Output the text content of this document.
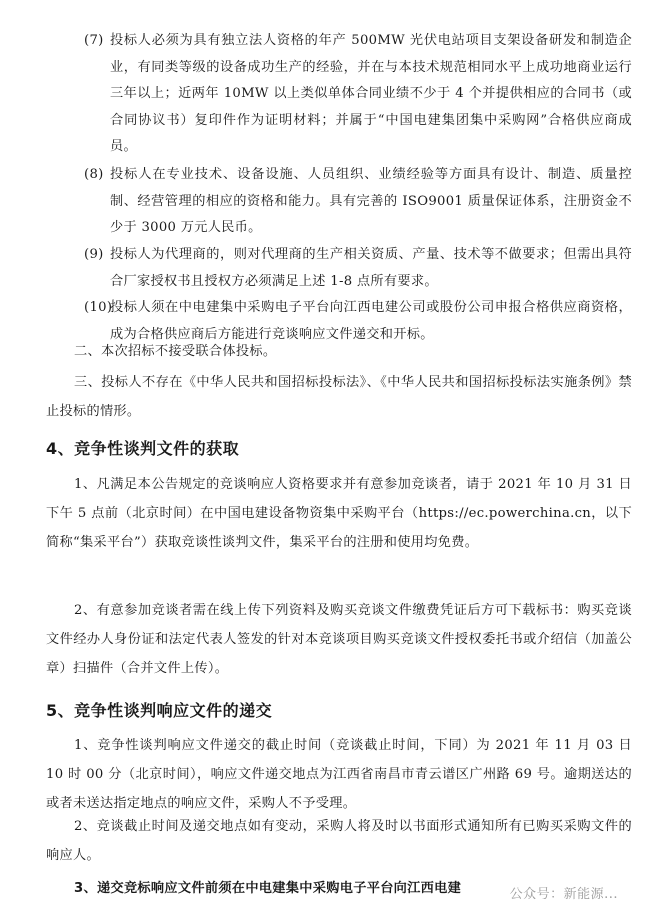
(7) 投标人必须为具有独立法人资格的年产 500MW 光伏电站项目支架设备研发和制造企业，有同类等级的设备成功生产的经验，并在与本技术规范相同水平上成功地商业运行三年以上；近两年 10MW 以上类似单体合同业绩不少于 4 个并提供相应的合同书（或合同协议书）复印件作为证明材料；并属于“中国电建集团集中采购网”合格供应商成员。
(8) 投标人在专业技术、设备设施、人员组织、业绩经验等方面具有设计、制造、质量控制、经营管理的相应的资格和能力。具有完善的 ISO9001 质量保证体系，注册资金不少于 3000 万元人民币。
(9) 投标人为代理商的，则对代理商的生产相关资质、产量、技术等不做要求；但需出具符合厂家授权书且授权方必须满足上述 1-8 点所有要求。
(10)
投标人须在中电建集中采购电子平台向江西电建公司或股份公司申报合格供应商资格，成为合格供应商后方能进行竞谈响应文件递交和开标。
二、本次招标不接受联合体投标。
三、投标人不存在《中华人民共和国招标投标法》、《中华人民共和国招标投标法实施条例》禁止投标的情形。
4、竞争性谈判文件的获取
1、凡满足本公告规定的竞谈响应人资格要求并有意参加竞谈者，请于 2021 年 10 月 31 日下午 5 点前（北京时间）在中国电建设备物资集中采购平台（https://ec.powerchina.cn，以下简称“集采平台”）获取竞谈性谈判文件，集采平台的注册和使用均免费。
2、有意参加竞谈者需在线上传下列资料及购买竞谈文件缴费凭证后方可下载标书：购买竞谈文件经办人身份证和法定代表人签发的针对本竞谈项目购买竞谈文件授权委托书或介绍信（加盖公章）扫描件（合并文件上传）。
5、竞争性谈判响应文件的递交
1、竞争性谈判响应文件递交的截止时间（竞谈截止时间，下同）为 2021 年 11 月 03 日 10 时 00 分（北京时间），响应文件递交地点为江西省南昌市青云谱区广州路 69 号。逾期送达的或者未送达指定地点的响应文件，采购人不予受理。
2、竞谈截止时间及递交地点如有变动，采购人将及时以书面形式通知所有已购买采购文件的响应人。
3、递交竞标响应文件前须在中电建集中采购电子平台向江西电建	公众号：新能源...
